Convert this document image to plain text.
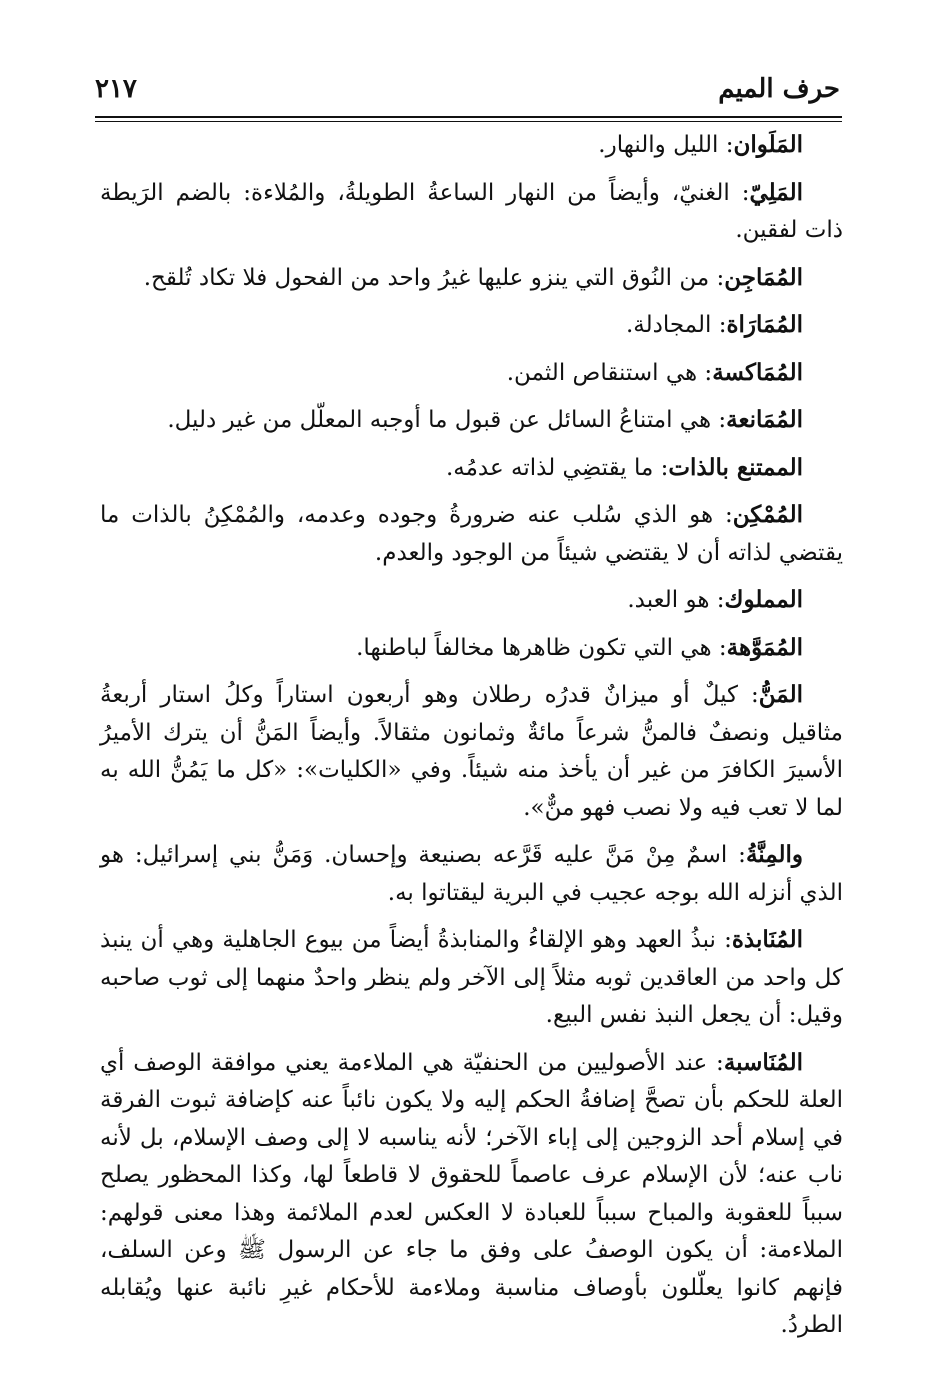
حرف الميم
٢١٧

المَلَوان: الليل والنهار.

المَلِيّ: الغنيّ، وأيضاً من النهار الساعةُ الطويلةُ، والمُلاءة: بالضم الرَيطة ذات لفقين.

المُمَاجِن: من النُوق التي ينزو عليها غيرُ واحد من الفحول فلا تكاد تُلقح.

المُمَارَاة: المجادلة.

المُمَاكسة: هي استنقاص الثمن.

المُمَانعة: هي امتناعُ السائل عن قبول ما أوجبه المعلّل من غير دليل.

الممتنع بالذات: ما يقتضِي لذاته عدمُه.

المُمْكِن: هو الذي سُلب عنه ضرورةُ وجوده وعدمه، والمُمْكِنُ بالذات ما يقتضي لذاته أن لا يقتضي شيئاً من الوجود والعدم.

المملوك: هو العبد.

المُمَوَّهة: هي التي تكون ظاهرها مخالفاً لباطنها.

المَنُّ: كيلٌ أو ميزانٌ قدرُه رطلان وهو أربعون استاراً وكلُ استار أربعةُ مثاقيل ونصفٌ فالمنُّ شرعاً مائةٌ وثمانون مثقالاً. وأيضاً المَنُّ أن يترك الأميرُ الأسيرَ الكافرَ من غير أن يأخذ منه شيئاً. وفي «الكليات»: «كل ما يَمُنُّ الله به لما لا تعب فيه ولا نصب فهو منٌّ».

والمِنَّةُ: اسمٌ مِنْ مَنَّ عليه قَرَّعه بصنيعة وإحسان. وَمَنُّ بني إسرائيل: هو الذي أنزله الله بوجه عجيب في البرية ليقتاتوا به.

المُنَابذة: نبذُ العهد وهو الإلقاءُ والمنابذةُ أيضاً من بيوع الجاهلية وهي أن ينبذ كل واحد من العاقدين ثوبه مثلاً إلى الآخر ولم ينظر واحدٌ منهما إلى ثوب صاحبه وقيل: أن يجعل النبذ نفس البيع.

المُنَاسبة: عند الأصوليين من الحنفيّة هي الملاءمة يعني موافقة الوصف أي العلة للحكم بأن تصحَّ إضافةُ الحكم إليه ولا يكون نائباً عنه كإضافة ثبوت الفرقة في إسلام أحد الزوجين إلى إباء الآخر؛ لأنه يناسبه لا إلى وصف الإسلام، بل لأنه ناب عنه؛ لأن الإسلام عرف عاصماً للحقوق لا قاطعاً لها، وكذا المحظور يصلح سبباً للعقوبة والمباح سبباً للعبادة لا العكس لعدم الملائمة وهذا معنى قولهم: الملاءمة: أن يكون الوصفُ على وفق ما جاء عن الرسول ﷺ وعن السلف، فإنهم كانوا يعلّلون بأوصاف مناسبة وملاءمة للأحكام غيرِ نائبة عنها ويُقابله الطردُ.
